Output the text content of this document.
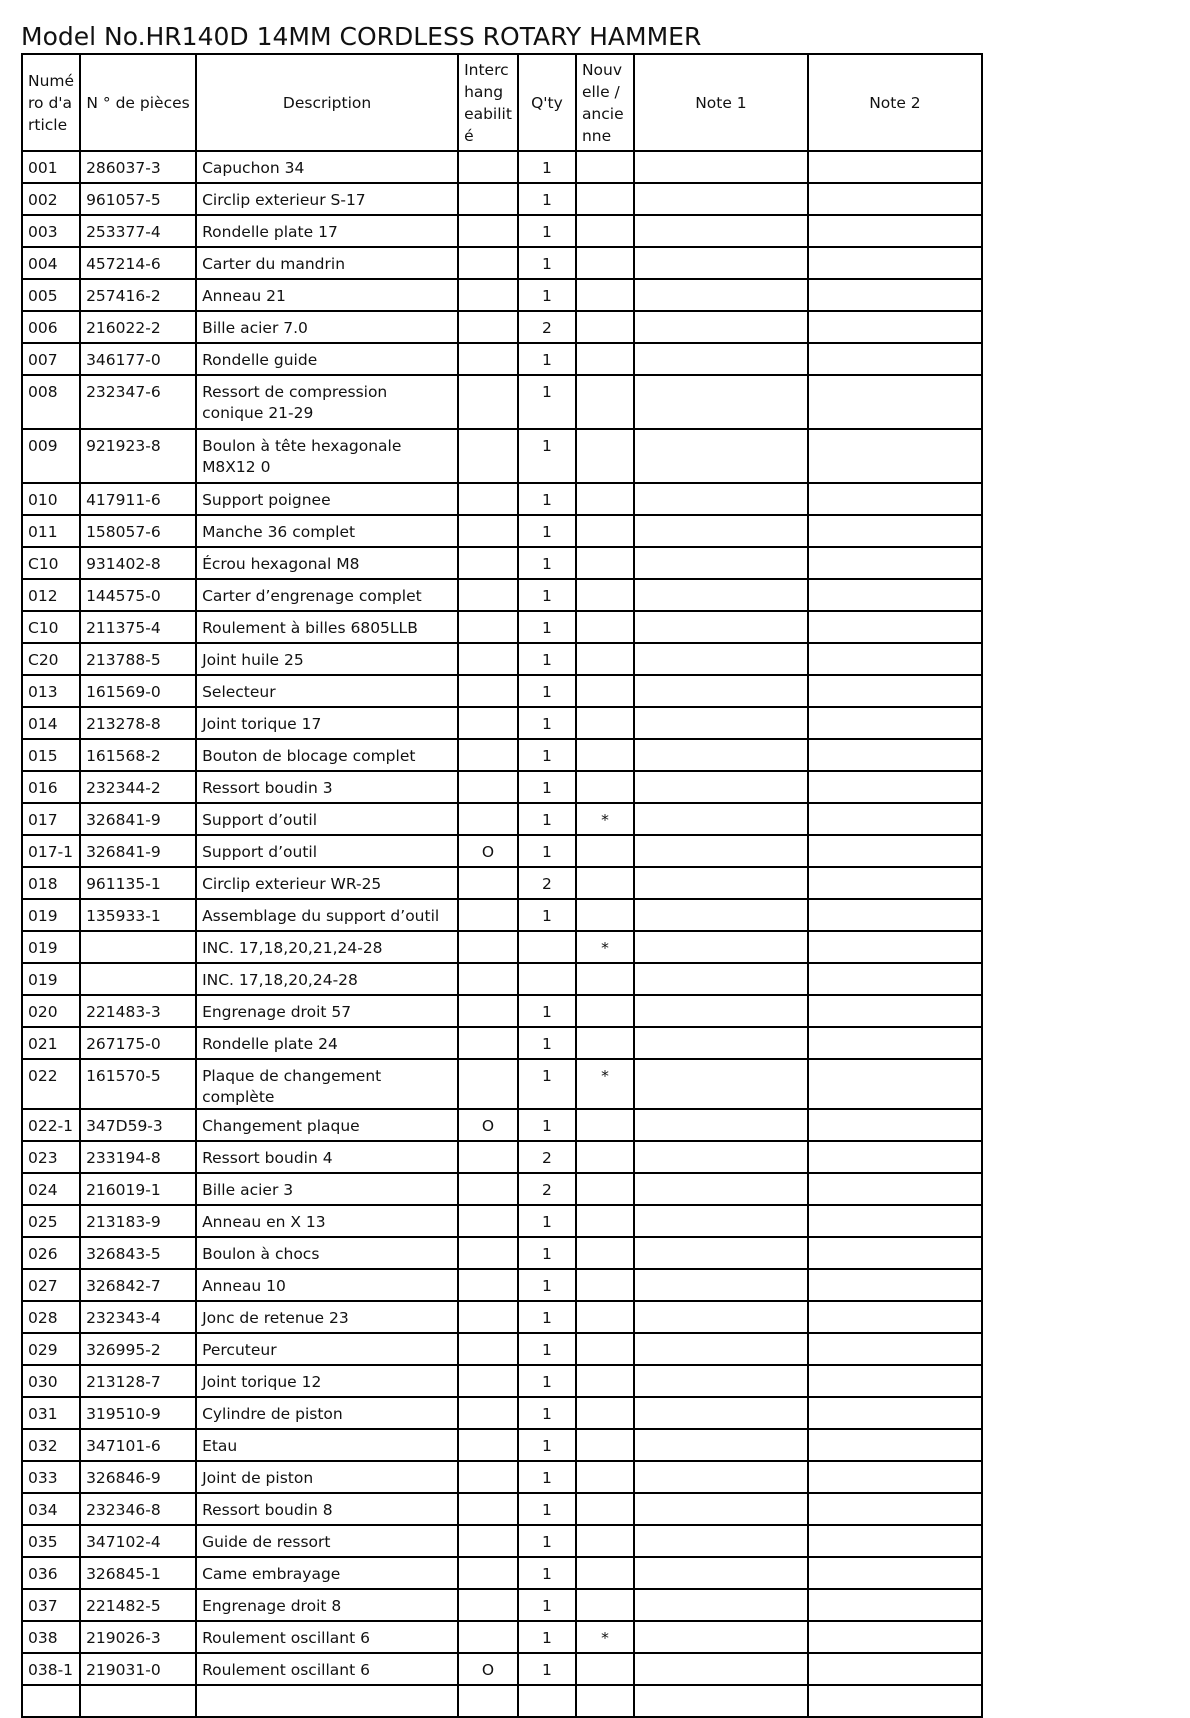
Model No.HR140D 14MM CORDLESS ROTARY HAMMER
Numé ro d'a rticle	N ° de pièces	Description	Interc hang eabilit é	Q'ty	Nouv elle / ancie nne	Note 1	Note 2
001	286037-3	Capuchon 34		1			
002	961057-5	Circlip exterieur S-17		1			
003	253377-4	Rondelle plate 17		1			
004	457214-6	Carter du mandrin		1			
005	257416-2	Anneau 21		1			
006	216022-2	Bille acier 7.0		2			
007	346177-0	Rondelle guide		1			
008	232347-6	Ressort de compression conique 21-29		1			
009	921923-8	Boulon à tête hexagonale M8X12 0		1			
010	417911-6	Support poignee		1			
011	158057-6	Manche 36 complet		1			
C10	931402-8	Écrou hexagonal M8		1			
012	144575-0	Carter d’engrenage complet		1			
C10	211375-4	Roulement à billes 6805LLB		1			
C20	213788-5	Joint huile 25		1			
013	161569-0	Selecteur		1			
014	213278-8	Joint torique 17		1			
015	161568-2	Bouton de blocage complet		1			
016	232344-2	Ressort boudin 3		1			
017	326841-9	Support d’outil		1	*		
017-1	326841-9	Support d’outil	O	1			
018	961135-1	Circlip exterieur WR-25		2			
019	135933-1	Assemblage du support d’outil		1			
019		INC. 17,18,20,21,24-28			*		
019		INC. 17,18,20,24-28					
020	221483-3	Engrenage droit 57		1			
021	267175-0	Rondelle plate 24		1			
022	161570-5	Plaque de changement complète		1	*		
022-1	347D59-3	Changement plaque	O	1			
023	233194-8	Ressort boudin 4		2			
024	216019-1	Bille acier 3		2			
025	213183-9	Anneau en X 13		1			
026	326843-5	Boulon à chocs		1			
027	326842-7	Anneau 10		1			
028	232343-4	Jonc de retenue 23		1			
029	326995-2	Percuteur		1			
030	213128-7	Joint torique 12		1			
031	319510-9	Cylindre de piston		1			
032	347101-6	Etau		1			
033	326846-9	Joint de piston		1			
034	232346-8	Ressort boudin 8		1			
035	347102-4	Guide de ressort		1			
036	326845-1	Came embrayage		1			
037	221482-5	Engrenage droit 8		1			
038	219026-3	Roulement oscillant 6		1	*		
038-1	219031-0	Roulement oscillant 6	O	1			
